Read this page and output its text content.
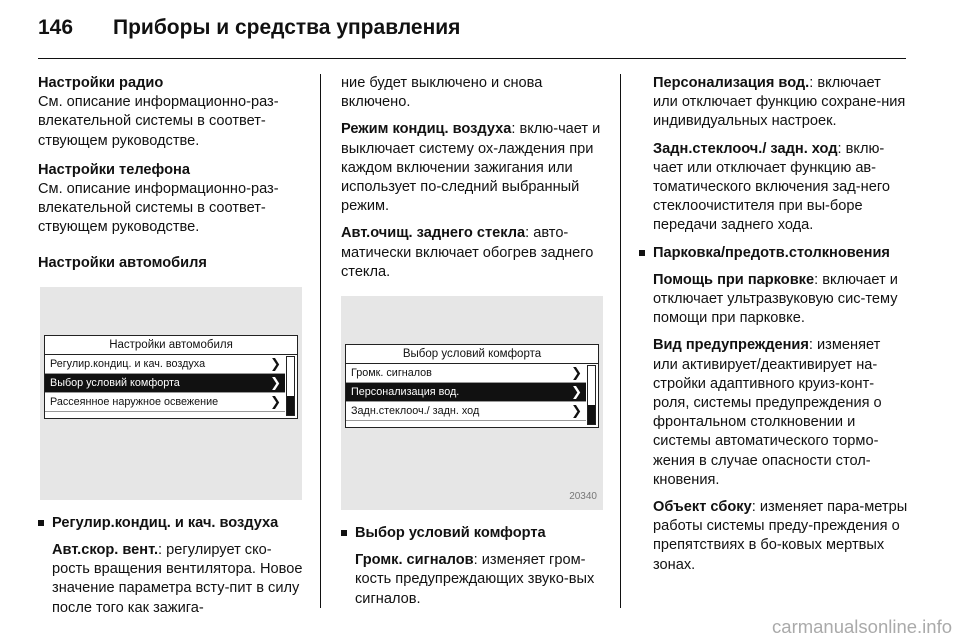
146 Приборы и средства управления
Настройки радио
См. описание информационно-раз-влекательной системы в соответ-ствующем руководстве.
Настройки телефона
См. описание информационно-раз-влекательной системы в соответ-ствующем руководстве.
Настройки автомобиля
Настройки автомобиля
Регулир.кондиц. и кач. воздуха	❯
Выбор условий комфорта	❯
Рассеянное наружное освежение	❯
Регулир.кондиц. и кач. воздуха

Авт.скор. вент.: регулирует ско-рость вращения вентилятора. Новое значение параметра всту-пит в силу после того как зажига-

ние будет выключено и снова включено.

Режим кондиц. воздуха: вклю-чает и выключает систему ох-лаждения при каждом включении зажигания или использует по-следний выбранный режим.

Авт.очищ. заднего стекла: авто-матически включает обогрев заднего стекла.

Выбор условий комфорта
Громк. сигналов	❯
Персонализация вод.	❯
Задн.стеклооч./ задн. ход	❯
20340
Выбор условий комфорта

Громк. сигналов: изменяет гром-кость предупреждающих звуко-вых сигналов.

Персонализация вод.: включает или отключает функцию сохране-ния индивидуальных настроек.

Задн.стеклооч./ задн. ход: вклю-чает или отключает функцию ав-томатического включения зад-него стеклоочистителя при вы-боре передачи заднего хода.

Парковка/предотв.столкновения

Помощь при парковке: включает и отключает ультразвуковую сис-тему помощи при парковке.

Вид предупреждения: изменяет или активирует/деактивирует на-стройки адаптивного круиз-конт-роля, системы предупреждения о фронтальном столкновении и системы автоматического тормо-жения в случае опасности стол-кновения.

Объект сбоку: изменяет пара-метры работы системы преду-преждения о препятствиях в бо-ковых мертвых зонах.

carmanualsonline.info
